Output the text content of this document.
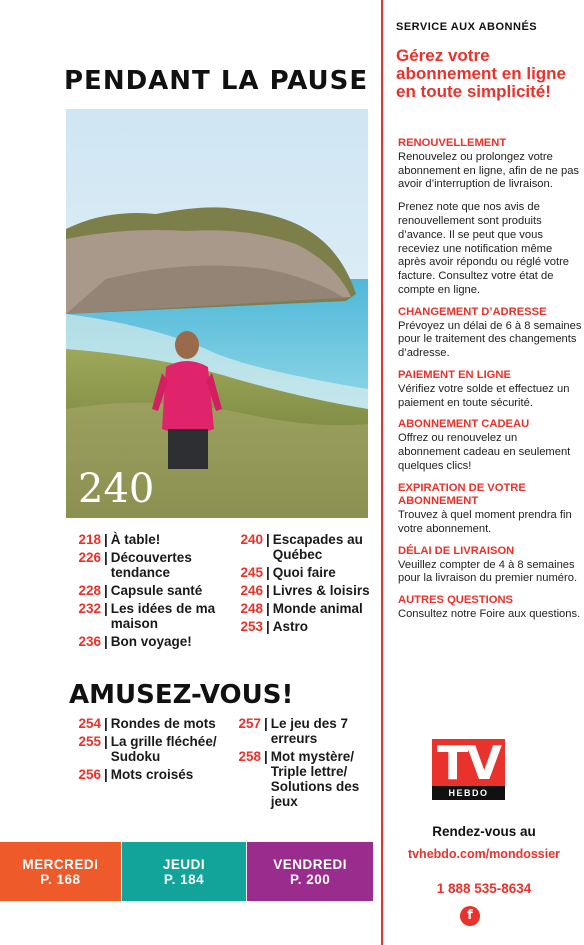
PENDANT LA PAUSE
240
218 | À table!
226 | Découvertes tendance
228 | Capsule santé
232 | Les idées de ma maison
236 | Bon voyage!
240 | Escapades au Québec
245 | Quoi faire
246 | Livres & loisirs
248 | Monde animal
253 | Astro
AMUSEZ-VOUS!
254 | Rondes de mots
255 | La grille fléchée/ Sudoku
256 | Mots croisés
257 | Le jeu des 7 erreurs
258 | Mot mystère/ Triple lettre/ Solutions des jeux
MERCREDI
P. 168
JEUDI
P. 184
VENDREDI
P. 200
SERVICE AUX ABONNÉS
Gérez votre abonnement en ligne en toute simplicité!
RENOUVELLEMENT

Renouvelez ou prolongez votre abonnement en ligne, afin de ne pas avoir d’interruption de livraison.

Prenez note que nos avis de renouvellement sont produits d’avance. Il se peut que vous receviez une notification même après avoir répondu ou réglé votre facture. Consultez votre état de compte en ligne.

CHANGEMENT D’ADRESSE

Prévoyez un délai de 6 à 8 semaines pour le traitement des changements d’adresse.

PAIEMENT EN LIGNE

Vérifiez votre solde et effectuez un paiement en toute sécurité.

ABONNEMENT CADEAU

Offrez ou renouvelez un abonnement cadeau en seulement quelques clics!

EXPIRATION DE VOTRE ABONNEMENT

Trouvez à quel moment prendra fin votre abonnement.

DÉLAI DE LIVRAISON

Veuillez compter de 4 à 8 semaines pour la livraison du premier numéro.

AUTRES QUESTIONS

Consultez notre Foire aux questions.

TV
HEBDO
Rendez-vous au
tvhebdo.com/mondossier
1 888 535-8634
f
